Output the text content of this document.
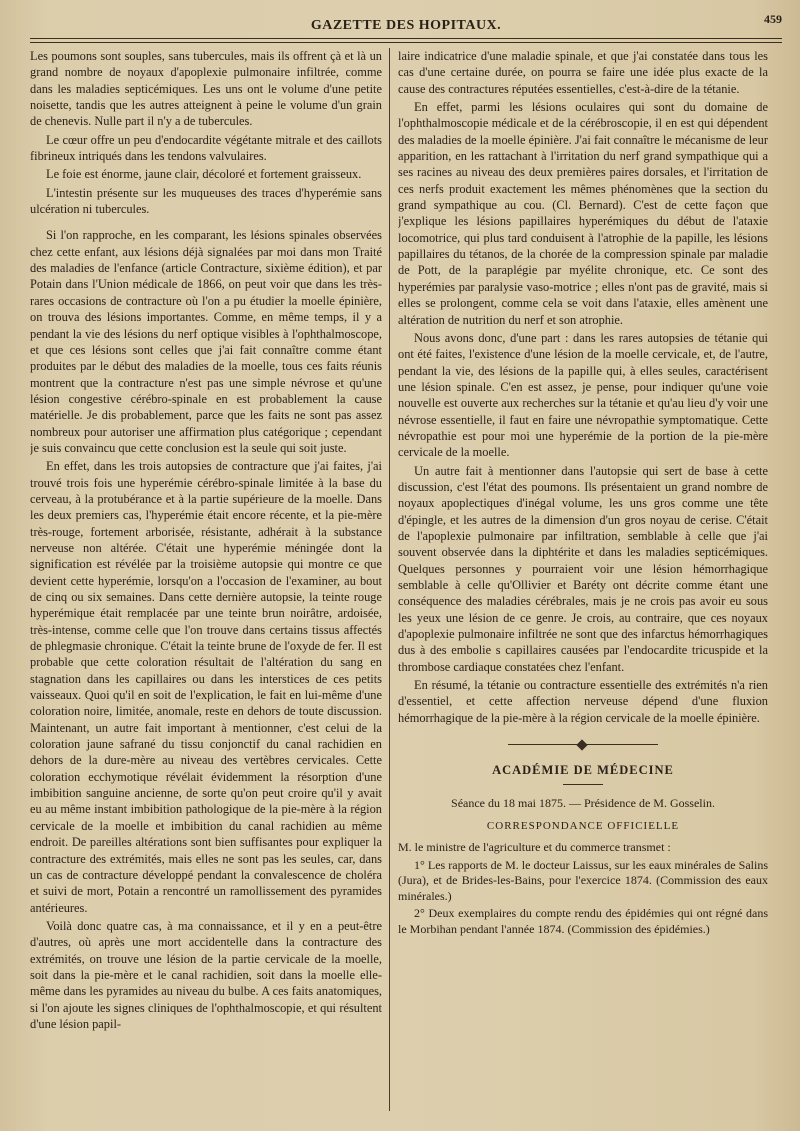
GAZETTE DES HOPITAUX.	459

Les poumons sont souples, sans tubercules, mais ils offrent çà et là un grand nombre de noyaux d'apoplexie pulmonaire infiltrée, comme dans les maladies septicémiques. Les uns ont le volume d'une petite noisette, tandis que les autres atteignent à peine le volume d'un grain de chenevis. Nulle part il n'y a de tubercules.

Le cœur offre un peu d'endocardite végétante mitrale et des caillots fibrineux intriqués dans les tendons valvulaires.

Le foie est énorme, jaune clair, décoloré et fortement graisseux.

L'intestin présente sur les muqueuses des traces d'hyperémie sans ulcération ni tubercules.

Si l'on rapproche, en les comparant, les lésions spinales observées chez cette enfant, aux lésions déjà signalées par moi dans mon Traité des maladies de l'enfance (article Contracture, sixième édition), et par Potain dans l'Union médicale de 1866, on peut voir que dans les très-rares occasions de contracture où l'on a pu étudier la moelle épinière, on trouva des lésions importantes. Comme, en même temps, il y a pendant la vie des lésions du nerf optique visibles à l'ophthalmoscope, et que ces lésions sont celles que j'ai fait connaître comme étant produites par le début des maladies de la moelle, tous ces faits réunis montrent que la contracture n'est pas une simple névrose et qu'une lésion congestive cérébro-spinale en est probablement la cause matérielle. Je dis probablement, parce que les faits ne sont pas assez nombreux pour autoriser une affirmation plus catégorique ; cependant je suis convaincu que cette conclusion est la seule qui soit juste.

En effet, dans les trois autopsies de contracture que j'ai faites, j'ai trouvé trois fois une hyperémie cérébro-spinale limitée à la base du cerveau, à la protubérance et à la partie supérieure de la moelle. Dans les deux premiers cas, l'hyperémie était encore récente, et la pie-mère très-rouge, fortement arborisée, résistante, adhérait à la substance nerveuse non altérée. C'était une hyperémie méningée dont la signification est révélée par la troisième autopsie qui montre ce que devient cette hyperémie, lorsqu'on a l'occasion de l'examiner, au bout de cinq ou six semaines. Dans cette dernière autopsie, la teinte rouge hyperémique était remplacée par une teinte brun noirâtre, ardoisée, très-intense, comme celle que l'on trouve dans certains tissus affectés de phlegmasie chronique. C'était la teinte brune de l'oxyde de fer. Il est probable que cette coloration résultait de l'altération du sang en stagnation dans les capillaires ou dans les interstices de ces petits vaisseaux. Quoi qu'il en soit de l'explication, le fait en lui-même d'une coloration noire, limitée, anomale, reste en dehors de toute discussion. Maintenant, un autre fait important à mentionner, c'est celui de la coloration jaune safrané du tissu conjonctif du canal rachidien en dehors de la dure-mère au niveau des vertèbres cervicales. Cette coloration ecchymotique révélait évidemment la résorption d'une imbibition sanguine ancienne, de sorte qu'on peut croire qu'il y avait eu au même instant imbibition pathologique de la pie-mère à la région cervicale de la moelle et imbibition du canal rachidien au même endroit. De pareilles altérations sont bien suffisantes pour expliquer la contracture des extrémités, mais elles ne sont pas les seules, car, dans un cas de contracture développé pendant la convalescence de choléra et suivi de mort, Potain a rencontré un ramollissement des pyramides antérieures.

Voilà donc quatre cas, à ma connaissance, et il y en a peut-être d'autres, où après une mort accidentelle dans la contracture des extrémités, on trouve une lésion de la partie cervicale de la moelle, soit dans la pie-mère et le canal rachidien, soit dans la moelle elle-même dans les pyramides au niveau du bulbe. A ces faits anatomiques, si l'on ajoute les signes cliniques de l'ophthalmoscopie, et qui résultent d'une lésion papil-

laire indicatrice d'une maladie spinale, et que j'ai constatée dans tous les cas d'une certaine durée, on pourra se faire une idée plus exacte de la cause des contractures réputées essentielles, c'est-à-dire de la tétanie.

En effet, parmi les lésions oculaires qui sont du domaine de l'ophthalmoscopie médicale et de la cérébroscopie, il en est qui dépendent des maladies de la moelle épinière. J'ai fait connaître le mécanisme de leur apparition, en les rattachant à l'irritation du nerf grand sympathique qui a ses racines au niveau des deux premières paires dorsales, et l'irritation de ces nerfs produit exactement les mêmes phénomènes que la section du grand sympathique au cou. (Cl. Bernard). C'est de cette façon que j'explique les lésions papillaires hyperémiques du début de l'ataxie locomotrice, qui plus tard conduisent à l'atrophie de la papille, les lésions papillaires du tétanos, de la chorée de la compression spinale par maladie de Pott, de la paraplégie par myélite chronique, etc. Ce sont des hyperémies par paralysie vaso-motrice ; elles n'ont pas de gravité, mais si elles se prolongent, comme cela se voit dans l'ataxie, elles amènent une altération de nutrition du nerf et son atrophie.

Nous avons donc, d'une part : dans les rares autopsies de tétanie qui ont été faites, l'existence d'une lésion de la moelle cervicale, et, de l'autre, pendant la vie, des lésions de la papille qui, à elles seules, caractérisent une lésion spinale. C'en est assez, je pense, pour indiquer qu'une voie nouvelle est ouverte aux recherches sur la tétanie et qu'au lieu d'y voir une névrose essentielle, il faut en faire une névropathie symptomatique. Cette névropathie est pour moi une hyperémie de la portion de la pie-mère cervicale de la moelle.

Un autre fait à mentionner dans l'autopsie qui sert de base à cette discussion, c'est l'état des poumons. Ils présentaient un grand nombre de noyaux apoplectiques d'inégal volume, les uns gros comme une tête d'épingle, et les autres de la dimension d'un gros noyau de cerise. C'était de l'apoplexie pulmonaire par infiltration, semblable à celle que j'ai souvent observée dans la diphtérite et dans les maladies septicémiques. Quelques personnes y pourraient voir une lésion hémorrhagique semblable à celle qu'Ollivier et Baréty ont décrite comme étant une conséquence des maladies cérébrales, mais je ne crois pas avoir eu sous les yeux une lésion de ce genre. Je crois, au contraire, que ces noyaux d'apoplexie pulmonaire infiltrée ne sont que des infarctus hémorrhagiques dus à des embolie s capillaires causées par l'endocardite tricuspide et la thrombose cardiaque constatées chez l'enfant.

En résumé, la tétanie ou contracture essentielle des extrémités n'a rien d'essentiel, et cette affection nerveuse dépend d'une fluxion hémorrhagique de la pie-mère à la région cervicale de la moelle épinière.

ACADÉMIE DE MÉDECINE
Séance du 18 mai 1875. — Présidence de M. Gosselin.
CORRESPONDANCE OFFICIELLE

M. le ministre de l'agriculture et du commerce transmet :

1° Les rapports de M. le docteur Laissus, sur les eaux minérales de Salins (Jura), et de Brides-les-Bains, pour l'exercice 1874. (Commission des eaux minérales.)

2° Deux exemplaires du compte rendu des épidémies qui ont régné dans le Morbihan pendant l'année 1874. (Commission des épidémies.)
